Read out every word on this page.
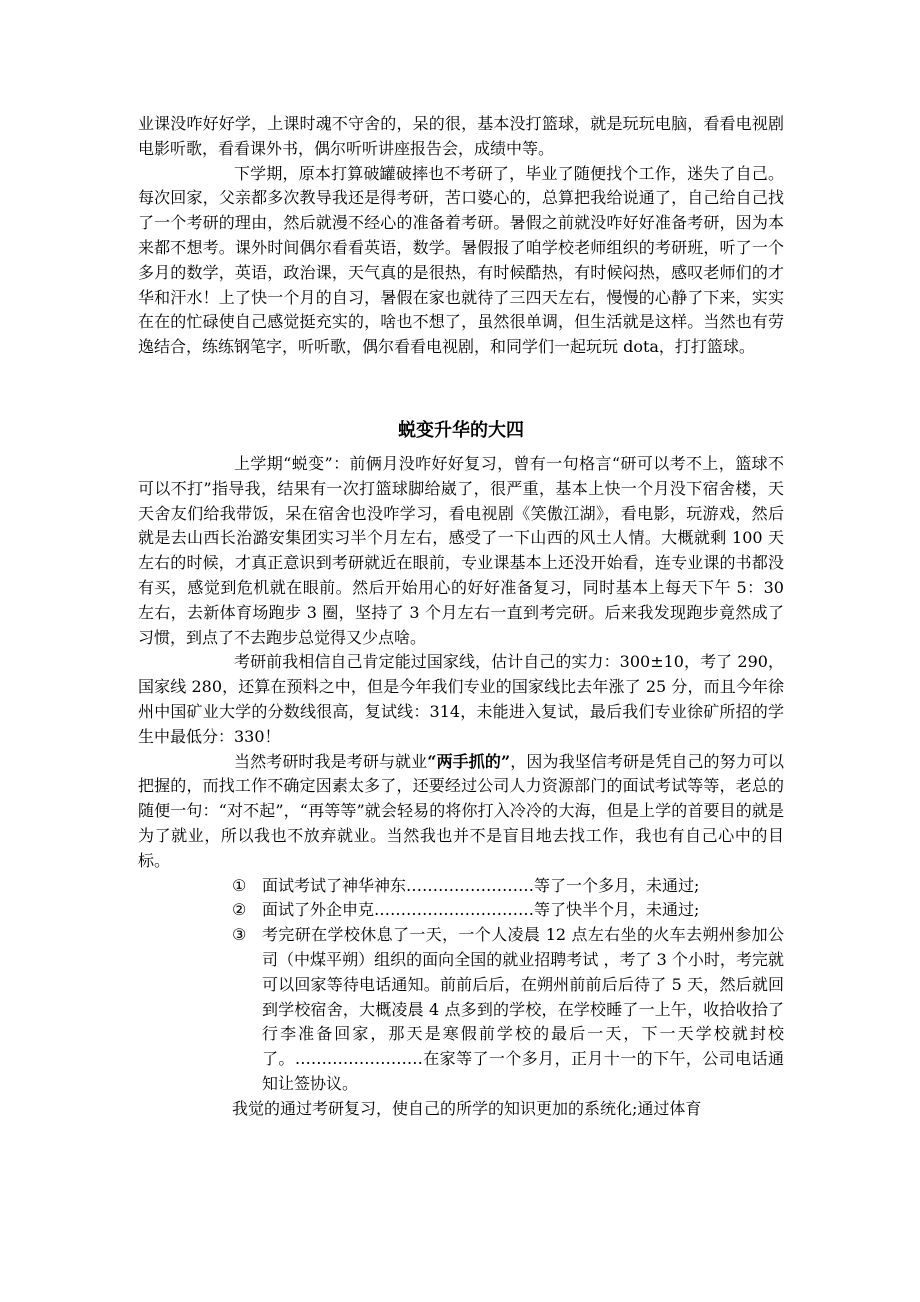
业课没咋好好学，上课时魂不守舍的，呆的很，基本没打篮球，就是玩玩电脑，看看电视剧电影听歌，看看课外书，偶尔听听讲座报告会，成绩中等。

下学期，原本打算破罐破摔也不考研了，毕业了随便找个工作，迷失了自己。每次回家，父亲都多次教导我还是得考研，苦口婆心的，总算把我给说通了，自己给自己找了一个考研的理由，然后就漫不经心的准备着考研。暑假之前就没咋好好准备考研，因为本来都不想考。课外时间偶尔看看英语，数学。暑假报了咱学校老师组织的考研班，听了一个多月的数学，英语，政治课，天气真的是很热，有时候酷热，有时候闷热，感叹老师们的才华和汗水！上了快一个月的自习，暑假在家也就待了三四天左右，慢慢的心静了下来，实实在在的忙碌使自己感觉挺充实的，啥也不想了，虽然很单调，但生活就是这样。当然也有劳逸结合，练练钢笔字，听听歌，偶尔看看电视剧，和同学们一起玩玩 dota，打打篮球。

蜕变升华的大四

上学期“蜕变”：前俩月没咋好好复习，曾有一句格言“研可以考不上，篮球不可以不打”指导我，结果有一次打篮球脚给崴了，很严重，基本上快一个月没下宿舍楼，天天舍友们给我带饭，呆在宿舍也没咋学习，看电视剧《笑傲江湖》，看电影，玩游戏，然后就是去山西长治潞安集团实习半个月左右，感受了一下山西的风土人情。大概就剩 100 天左右的时候，才真正意识到考研就近在眼前，专业课基本上还没开始看，连专业课的书都没有买，感觉到危机就在眼前。然后开始用心的好好准备复习，同时基本上每天下午 5：30 左右，去新体育场跑步 3 圈，坚持了 3 个月左右一直到考完研。后来我发现跑步竟然成了习惯，到点了不去跑步总觉得又少点啥。

考研前我相信自己肯定能过国家线，估计自己的实力：300±10，考了 290，国家线 280，还算在预料之中，但是今年我们专业的国家线比去年涨了 25 分，而且今年徐州中国矿业大学的分数线很高，复试线：314，未能进入复试，最后我们专业徐矿所招的学生中最低分：330！

当然考研时我是考研与就业“两手抓的”，因为我坚信考研是凭自己的努力可以把握的，而找工作不确定因素太多了，还要经过公司人力资源部门的面试考试等等，老总的随便一句：“对不起”，“再等等”就会轻易的将你打入冷冷的大海，但是上学的首要目的就是为了就业，所以我也不放弃就业。当然我也并不是盲目地去找工作，我也有自己心中的目标。

① 面试考试了神华神东……………………等了一个多月，未通过;
② 面试了外企申克…………………………等了快半个月，未通过;
③ 考完研在学校休息了一天，一个人凌晨 12 点左右坐的火车去朔州参加公司（中煤平朔）组织的面向全国的就业招聘考试 ，考了 3 个小时，考完就可以回家等待电话通知。前前后后，在朔州前前后后待了 5 天，然后就回到学校宿舍，大概凌晨 4 点多到的学校，在学校睡了一上午，收拾收拾了行李准备回家，那天是寒假前学校的最后一天，下一天学校就封校了。……………………在家等了一个多月，正月十一的下午，公司电话通知让签协议。

我觉的通过考研复习，使自己的所学的知识更加的系统化;通过体育
